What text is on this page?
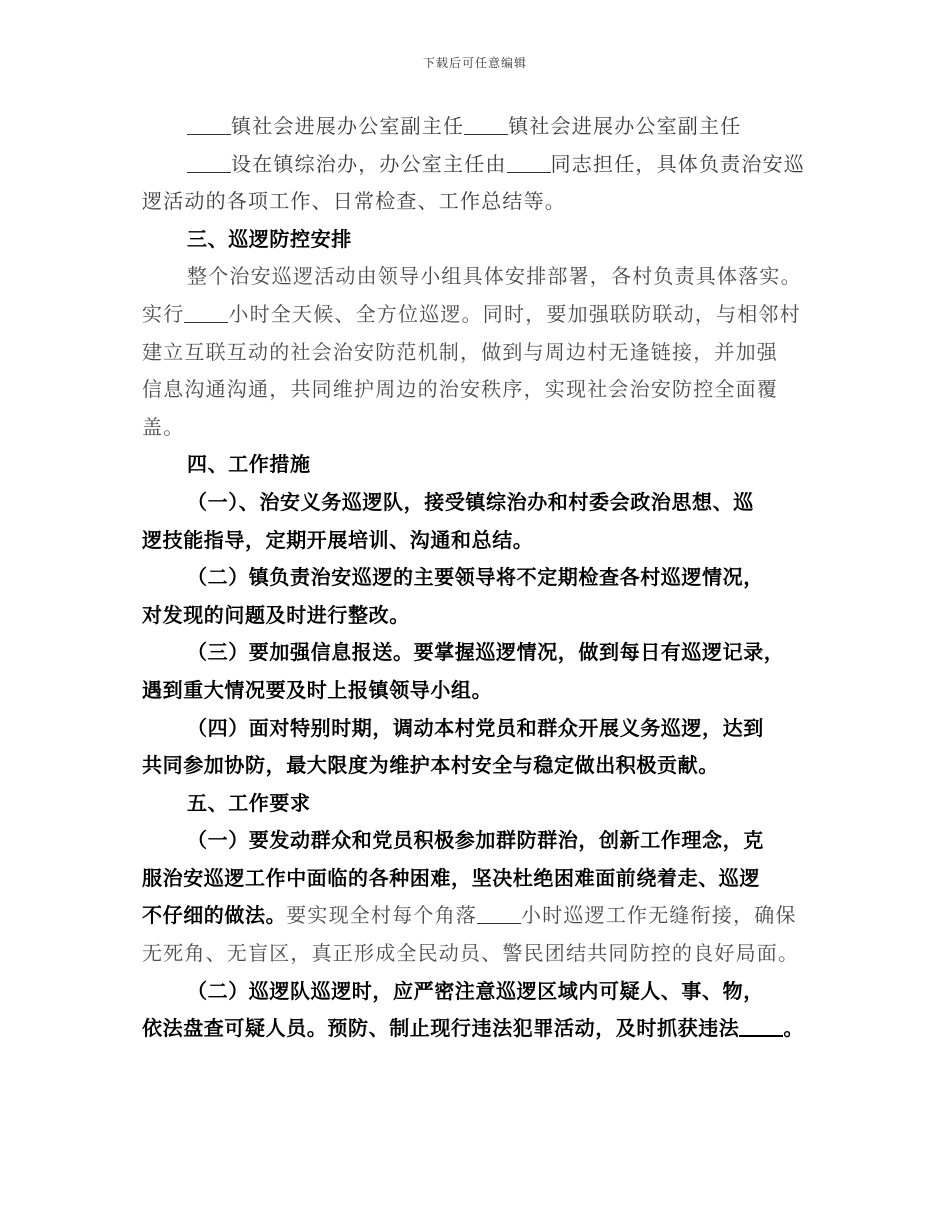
下载后可任意编辑
镇社会进展办公室副主任 镇社会进展办公室副主任
设在镇综治办，办公室主任由 同志担任，具体负责治安巡
逻活动的各项工作、日常检查、工作总结等。
三、巡逻防控安排
整个治安巡逻活动由领导小组具体安排部署，各村负责具体落实。
实行 小时全天候、全方位巡逻。同时，要加强联防联动，与相邻村
建立互联互动的社会治安防范机制，做到与周边村无逢链接，并加强
信息沟通沟通，共同维护周边的治安秩序，实现社会治安防控全面覆
盖。
四、工作措施
（一）、治安义务巡逻队，接受镇综治办和村委会政治思想、巡
逻技能指导，定期开展培训、沟通和总结。
（二）镇负责治安巡逻的主要领导将不定期检查各村巡逻情况，
对发现的问题及时进行整改。
（三）要加强信息报送。要掌握巡逻情况，做到每日有巡逻记录，
遇到重大情况要及时上报镇领导小组。
（四）面对特别时期，调动本村党员和群众开展义务巡逻，达到
共同参加协防，最大限度为维护本村安全与稳定做出积极贡献。
五、工作要求
（一）要发动群众和党员积极参加群防群治，创新工作理念，克
服治安巡逻工作中面临的各种困难，坚决杜绝困难面前绕着走、巡逻
不仔细的做法。要实现全村每个角落 小时巡逻工作无缝衔接，确保
无死角、无盲区，真正形成全民动员、警民团结共同防控的良好局面。
（二）巡逻队巡逻时，应严密注意巡逻区域内可疑人、事、物，
依法盘查可疑人员。预防、制止现行违法犯罪活动，及时抓获违法 。
